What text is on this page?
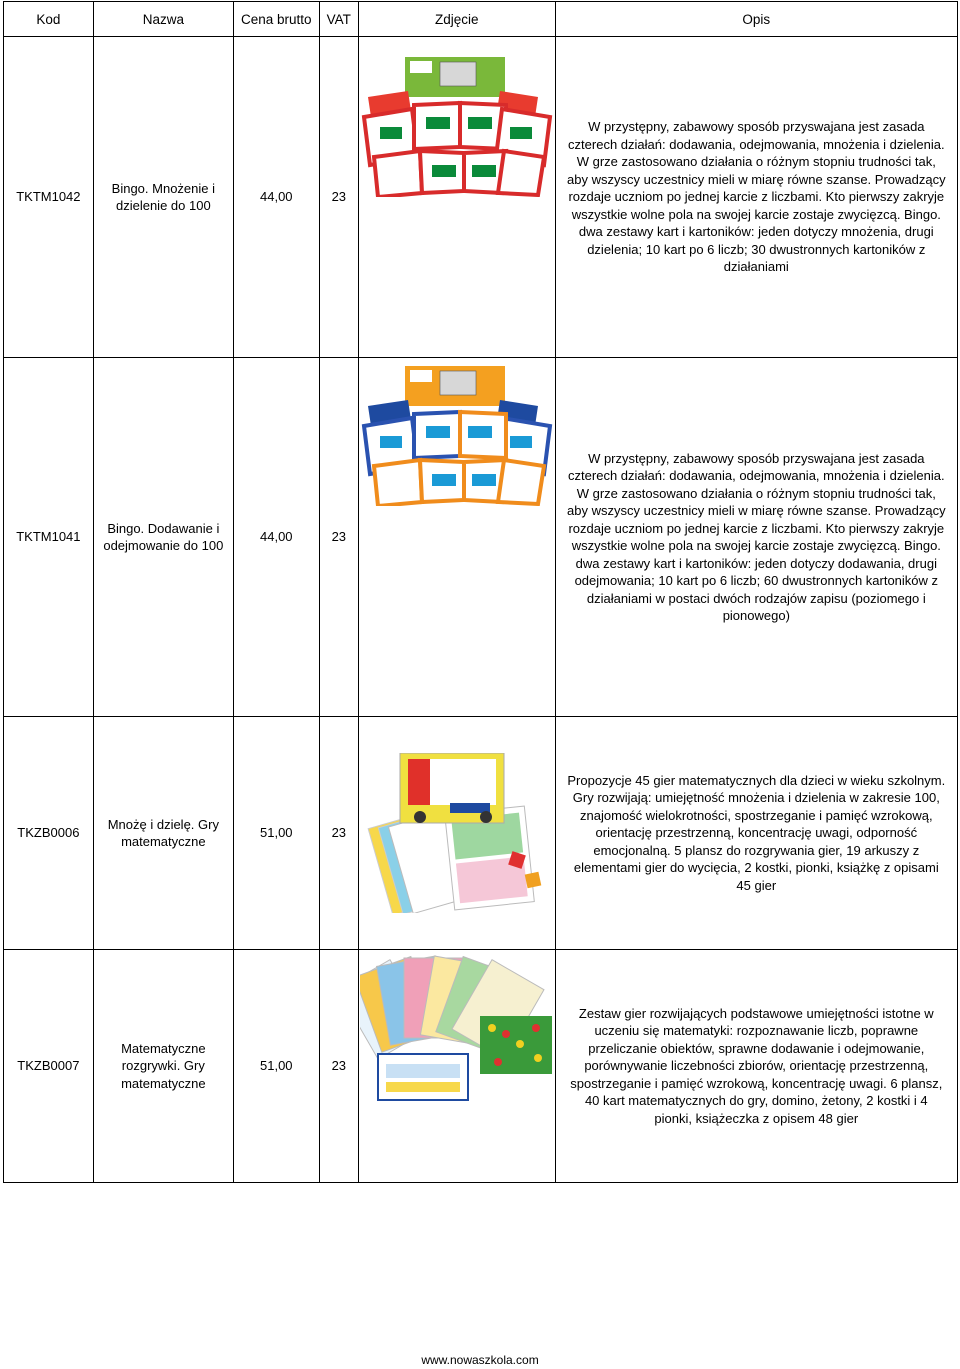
Kod	Nazwa	Cena brutto	VAT	Zdjęcie	Opis
TKTM1042	Bingo. Mnożenie i dzielenie do 100	44,00	23		W przystępny, zabawowy sposób przyswajana jest zasada czterech działań: dodawania, odejmowania, mnożenia i dzielenia. W grze zastosowano działania o różnym stopniu trudności tak, aby wszyscy uczestnicy mieli w miarę równe szanse. Prowadzący rozdaje uczniom po jednej karcie z liczbami. Kto pierwszy zakryje wszystkie wolne pola na swojej karcie zostaje zwycięzcą. Bingo. dwa zestawy kart i kartoników: jeden dotyczy mnożenia, drugi dzielenia; 10 kart po 6 liczb; 30 dwustronnych kartoników z działaniami
TKTM1041	Bingo. Dodawanie i odejmowanie do 100	44,00	23		W przystępny, zabawowy sposób przyswajana jest zasada czterech działań: dodawania, odejmowania, mnożenia i dzielenia. W grze zastosowano działania o różnym stopniu trudności tak, aby wszyscy uczestnicy mieli w miarę równe szanse. Prowadzący rozdaje uczniom po jednej karcie z liczbami. Kto pierwszy zakryje wszystkie wolne pola na swojej karcie zostaje zwycięzcą. Bingo. dwa zestawy kart i kartoników: jeden dotyczy dodawania, drugi odejmowania; 10 kart po 6 liczb; 60 dwustronnych kartoników z działaniami w postaci dwóch rodzajów zapisu (poziomego i pionowego)
TKZB0006	Mnożę i dzielę. Gry matematyczne	51,00	23		Propozycje 45 gier matematycznych dla dzieci w wieku szkolnym. Gry rozwijają: umiejętność mnożenia i dzielenia w zakresie 100, znajomość wielokrotności, spostrzeganie i pamięć wzrokową, orientację przestrzenną, koncentrację uwagi, odporność emocjonalną. 5 plansz do rozgrywania gier, 19 arkuszy z elementami gier do wycięcia, 2 kostki, pionki, książkę z opisami 45 gier
TKZB0007	Matematyczne rozgrywki. Gry matematyczne	51,00	23		Zestaw gier rozwijających podstawowe umiejętności istotne w uczeniu się matematyki: rozpoznawanie liczb, poprawne przeliczanie obiektów, sprawne dodawanie i odejmowanie, porównywanie liczebności zbiorów, orientację przestrzenną, spostrzeganie i pamięć wzrokową, koncentrację uwagi. 6 plansz, 40 kart matematycznych do gry, domino, żetony, 2 kostki i 4 pionki, książeczka z opisem 48 gier
www.nowaszkola.com
